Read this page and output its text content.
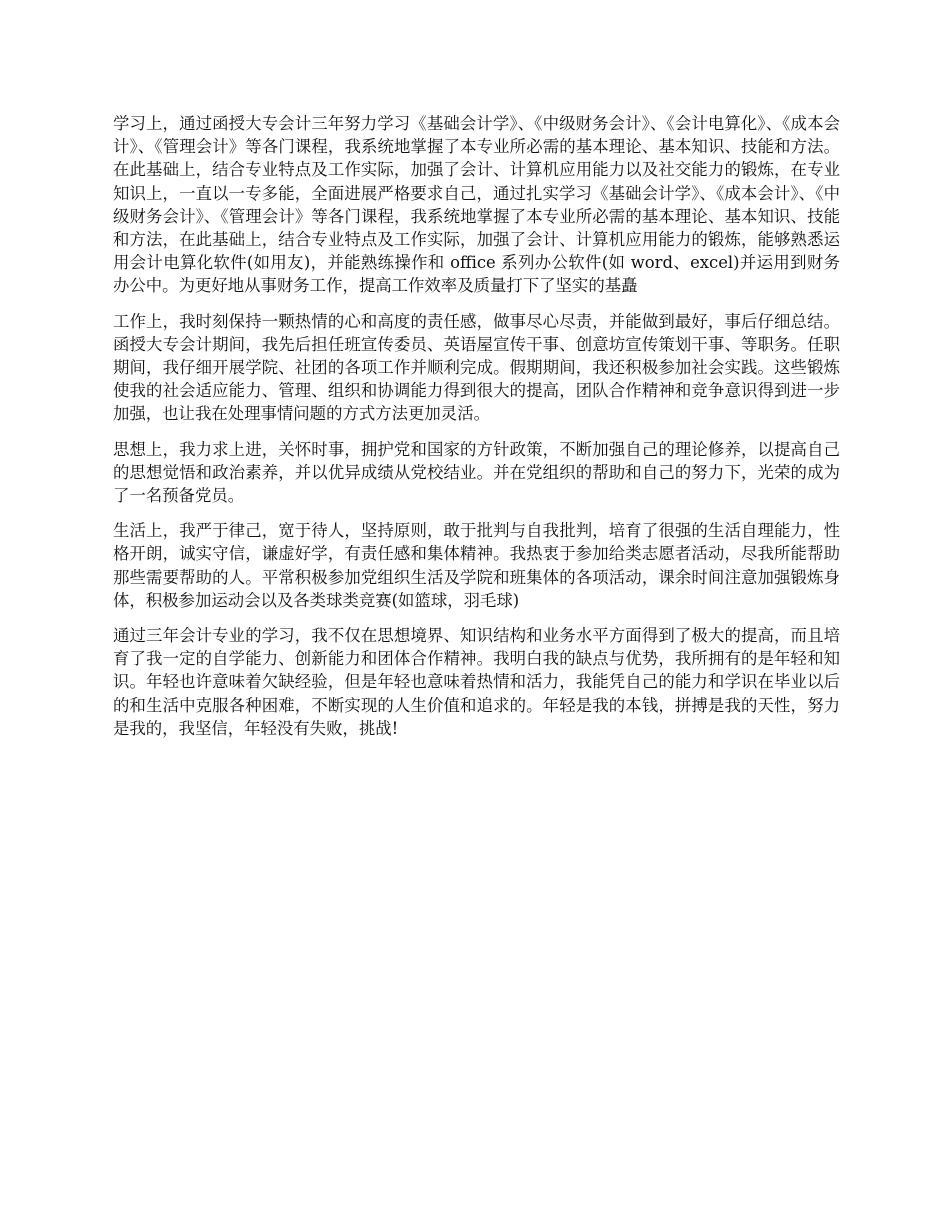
学习上，通过函授大专会计三年努力学习《基础会计学》、《中级财务会计》、《会计电算化》、《成本会计》、《管理会计》等各门课程，我系统地掌握了本专业所必需的基本理论、基本知识、技能和方法。在此基础上，结合专业特点及工作实际，加强了会计、计算机应用能力以及社交能力的锻炼，在专业知识上，一直以一专多能，全面进展严格要求自己，通过扎实学习《基础会计学》、《成本会计》、《中级财务会计》、《管理会计》等各门课程，我系统地掌握了本专业所必需的基本理论、基本知识、技能和方法，在此基础上，结合专业特点及工作实际，加强了会计、计算机应用能力的锻炼，能够熟悉运用会计电算化软件(如用友)，并能熟练操作和 office 系列办公软件(如 word、excel)并运用到财务办公中。为更好地从事财务工作，提高工作效率及质量打下了坚实的基矗

工作上，我时刻保持一颗热情的心和高度的责任感，做事尽心尽责，并能做到最好，事后仔细总结。函授大专会计期间，我先后担任班宣传委员、英语屋宣传干事、创意坊宣传策划干事、等职务。任职期间，我仔细开展学院、社团的各项工作并顺利完成。假期期间，我还积极参加社会实践。这些锻炼使我的社会适应能力、管理、组织和协调能力得到很大的提高，团队合作精神和竞争意识得到进一步加强，也让我在处理事情问题的方式方法更加灵活。

思想上，我力求上进，关怀时事，拥护党和国家的方针政策，不断加强自己的理论修养，以提高自己的思想觉悟和政治素养，并以优异成绩从党校结业。并在党组织的帮助和自己的努力下，光荣的成为了一名预备党员。

生活上，我严于律己，宽于待人，坚持原则，敢于批判与自我批判，培育了很强的生活自理能力，性格开朗，诚实守信，谦虚好学，有责任感和集体精神。我热衷于参加给类志愿者活动，尽我所能帮助那些需要帮助的人。平常积极参加党组织生活及学院和班集体的各项活动，课余时间注意加强锻炼身体，积极参加运动会以及各类球类竞赛(如篮球，羽毛球)

通过三年会计专业的学习，我不仅在思想境界、知识结构和业务水平方面得到了极大的提高，而且培育了我一定的自学能力、创新能力和团体合作精神。我明白我的缺点与优势，我所拥有的是年轻和知识。年轻也许意味着欠缺经验，但是年轻也意味着热情和活力，我能凭自己的能力和学识在毕业以后的和生活中克服各种困难，不断实现的人生价值和追求的。年轻是我的本钱，拼搏是我的天性，努力是我的，我坚信，年轻没有失败，挑战!
